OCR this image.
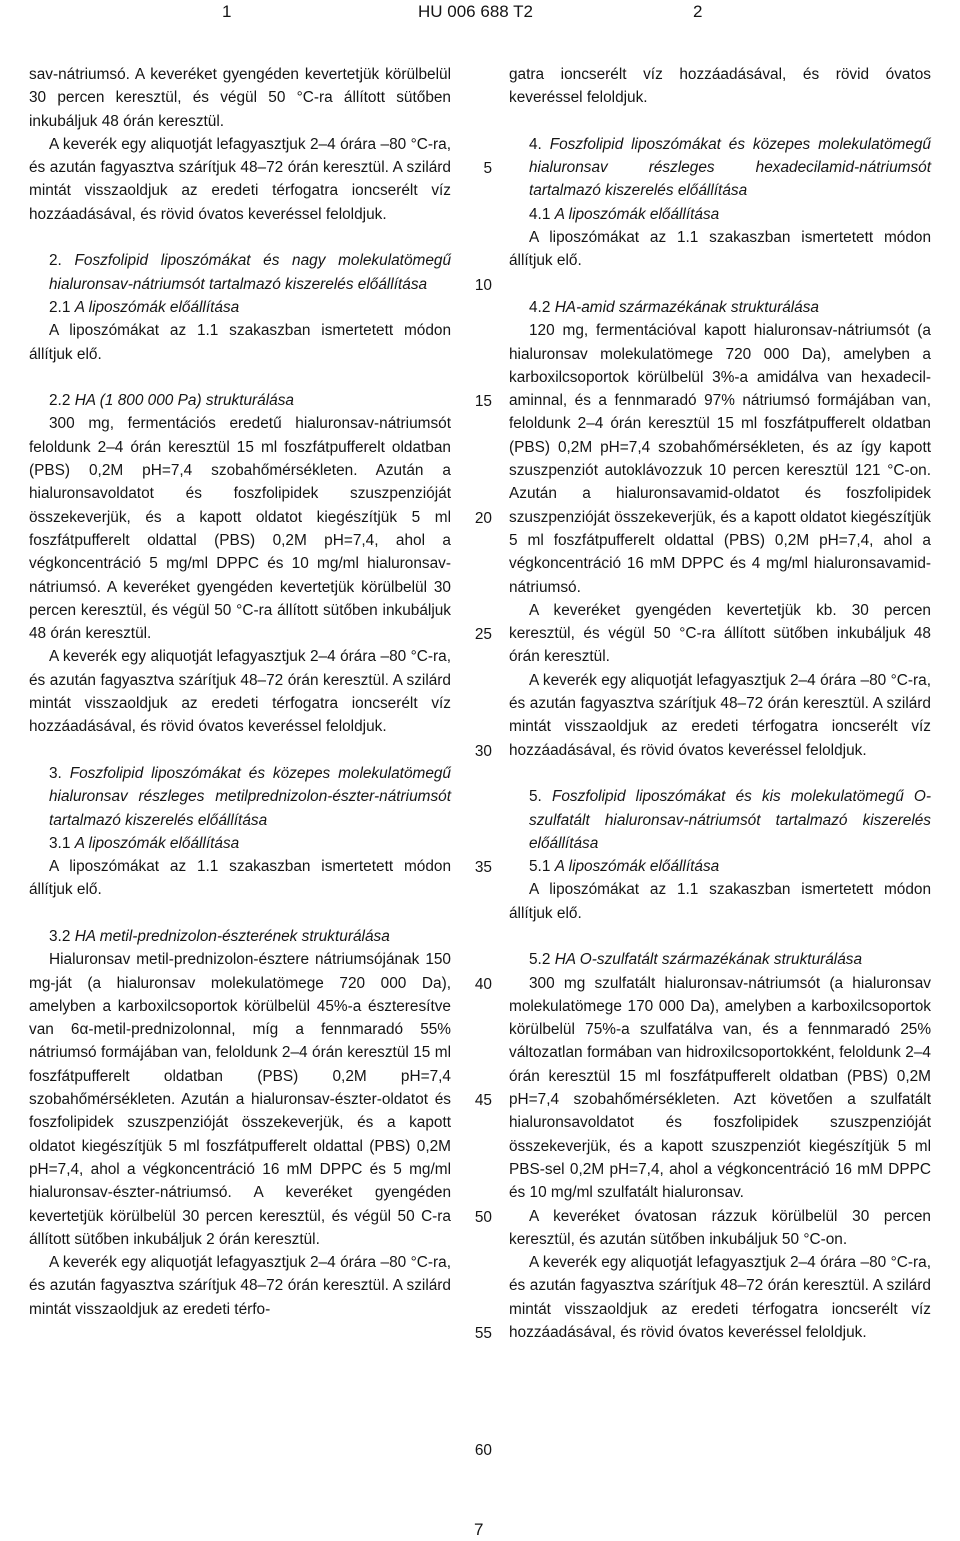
1	HU 006 688 T2	2

sav-nátriumsó. A keveréket gyengéden kevertetjük körülbelül 30 percen keresztül, és végül 50 °C-ra állított sütőben inkubáljuk 48 órán keresztül.

A keverék egy aliquotját lefagyasztjuk 2–4 órára –80 °C-ra, és azután fagyasztva szárítjuk 48–72 órán keresztül. A szilárd mintát visszaoldjuk az eredeti térfogatra ioncserélt víz hozzáadásával, és rövid óvatos keveréssel feloldjuk.

2. Foszfolipid liposzómákat és nagy molekulatömegű hialuronsav-nátriumsót tartalmazó kiszerelés előállítása

2.1 A liposzómák előállítása

A liposzómákat az 1.1 szakaszban ismertetett módon állítjuk elő.

2.2 HA (1 800 000 Pa) strukturálása

300 mg, fermentációs eredetű hialuronsav-nátriumsót feloldunk 2–4 órán keresztül 15 ml foszfátpufferelt oldatban (PBS) 0,2M pH=7,4 szobahőmérsékleten. Azután a hialuronsavoldatot és foszfolipidek szuszpenzióját összekeverjük, és a kapott oldatot kiegészítjük 5 ml foszfátpufferelt oldattal (PBS) 0,2M pH=7,4, ahol a végkoncentráció 5 mg/ml DPPC és 10 mg/ml hialuronsav-nátriumsó. A keveréket gyengéden kevertetjük körülbelül 30 percen keresztül, és végül 50 °C-ra állított sütőben inkubáljuk 48 órán keresztül.

A keverék egy aliquotját lefagyasztjuk 2–4 órára –80 °C-ra, és azután fagyasztva szárítjuk 48–72 órán keresztül. A szilárd mintát visszaoldjuk az eredeti térfogatra ioncserélt víz hozzáadásával, és rövid óvatos keveréssel feloldjuk.

3. Foszfolipid liposzómákat és közepes molekulatömegű hialuronsav részleges metilprednizolon-észter-nátriumsót tartalmazó kiszerelés előállítása

3.1 A liposzómák előállítása

A liposzómákat az 1.1 szakaszban ismertetett módon állítjuk elő.

3.2 HA metil-prednizolon-észterének strukturálása

Hialuronsav metil-prednizolon-észtere nátriumsójának 150 mg-ját (a hialuronsav molekulatömege 720 000 Da), amelyben a karboxilcsoportok körülbelül 45%-a észteresítve van 6α-metil-prednizolonnal, míg a fennmaradó 55% nátriumsó formájában van, feloldunk 2–4 órán keresztül 15 ml foszfátpufferelt oldatban (PBS) 0,2M pH=7,4 szobahőmérsékleten. Azután a hialuronsav-észter-oldatot és foszfolipidek szuszpenzióját összekeverjük, és a kapott oldatot kiegészítjük 5 ml foszfátpufferelt oldattal (PBS) 0,2M pH=7,4, ahol a végkoncentráció 16 mM DPPC és 5 mg/ml hialuronsav-észter-nátriumsó. A keveréket gyengéden kevertetjük körülbelül 30 percen keresztül, és végül 50 C-ra állított sütőben inkubáljuk 2 órán keresztül.

A keverék egy aliquotját lefagyasztjuk 2–4 órára –80 °C-ra, és azután fagyasztva szárítjuk 48–72 órán keresztül. A szilárd mintát visszaoldjuk az eredeti térfo-

5
10
15
20
25
30
35
40
45
50
55
60

gatra ioncserélt víz hozzáadásával, és rövid óvatos keveréssel feloldjuk.

4. Foszfolipid liposzómákat és közepes molekulatömegű hialuronsav részleges hexadecilamid-nátriumsót tartalmazó kiszerelés előállítása

4.1 A liposzómák előállítása

A liposzómákat az 1.1 szakaszban ismertetett módon állítjuk elő.

4.2 HA-amid származékának strukturálása

120 mg, fermentációval kapott hialuronsav-nátriumsót (a hialuronsav molekulatömege 720 000 Da), amelyben a karboxilcsoportok körülbelül 3%-a amidálva van hexadecil-aminnal, és a fennmaradó 97% nátriumsó formájában van, feloldunk 2–4 órán keresztül 15 ml foszfátpufferelt oldatban (PBS) 0,2M pH=7,4 szobahőmérsékleten, és az így kapott szuszpenziót autoklávozzuk 10 percen keresztül 121 °C-on. Azután a hialuronsavamid-oldatot és foszfolipidek szuszpenzióját összekeverjük, és a kapott oldatot kiegészítjük 5 ml foszfátpufferelt oldattal (PBS) 0,2M pH=7,4, ahol a végkoncentráció 16 mM DPPC és 4 mg/ml hialuronsavamid-nátriumsó.

A keveréket gyengéden kevertetjük kb. 30 percen keresztül, és végül 50 °C-ra állított sütőben inkubáljuk 48 órán keresztül.

A keverék egy aliquotját lefagyasztjuk 2–4 órára –80 °C-ra, és azután fagyasztva szárítjuk 48–72 órán keresztül. A szilárd mintát visszaoldjuk az eredeti térfogatra ioncserélt víz hozzáadásával, és rövid óvatos keveréssel feloldjuk.

5. Foszfolipid liposzómákat és kis molekulatömegű O-szulfatált hialuronsav-nátriumsót tartalmazó kiszerelés előállítása

5.1 A liposzómák előállítása

A liposzómákat az 1.1 szakaszban ismertetett módon állítjuk elő.

5.2 HA O-szulfatált származékának strukturálása

300 mg szulfatált hialuronsav-nátriumsót (a hialuronsav molekulatömege 170 000 Da), amelyben a karboxilcsoportok körülbelül 75%-a szulfatálva van, és a fennmaradó 25% változatlan formában van hidroxilcsoportokként, feloldunk 2–4 órán keresztül 15 ml foszfátpufferelt oldatban (PBS) 0,2M pH=7,4 szobahőmérsékleten. Azt követően a szulfatált hialuronsavoldatot és foszfolipidek szuszpenzióját összekeverjük, és a kapott szuszpenziót kiegészítjük 5 ml PBS-sel 0,2M pH=7,4, ahol a végkoncentráció 16 mM DPPC és 10 mg/ml szulfatált hialuronsav.

A keveréket óvatosan rázzuk körülbelül 30 percen keresztül, és azután sütőben inkubáljuk 50 °C-on.

A keverék egy aliquotját lefagyasztjuk 2–4 órára –80 °C-ra, és azután fagyasztva szárítjuk 48–72 órán keresztül. A szilárd mintát visszaoldjuk az eredeti térfogatra ioncserélt víz hozzáadásával, és rövid óvatos keveréssel feloldjuk.

7
